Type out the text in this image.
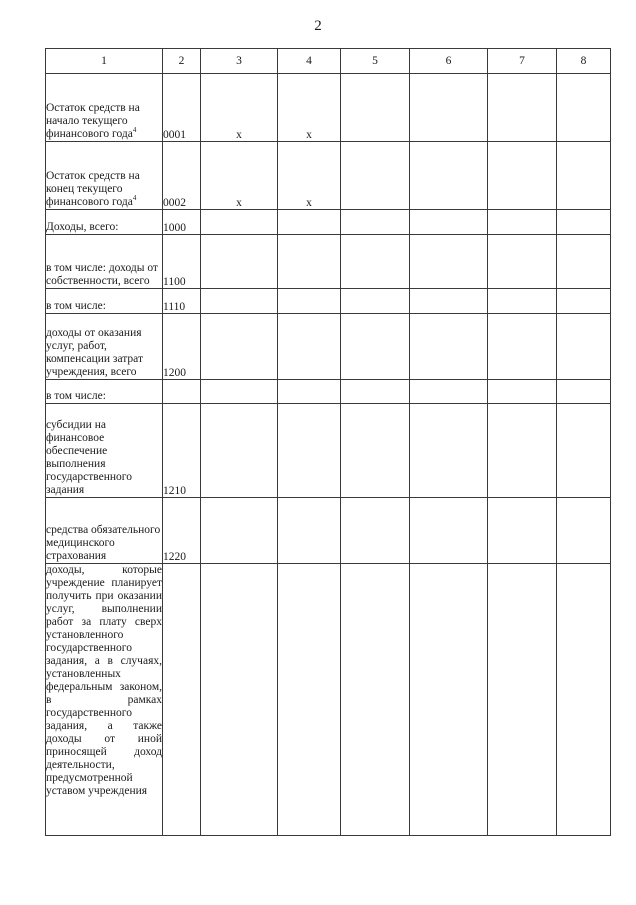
2
1	2	3	4	5	6	7	8
Остаток средств на начало текущего финансового года$^4$	0001	x	x				
Остаток средств на конец текущего финансового года$^4$	0002	x	x				
Доходы, всего:	1000						
в том числе: доходы от собственности, всего	1100						
в том числе:	1110						
доходы от оказания услуг, работ, компенсации затрат учреждения, всего	1200						
в том числе:							
субсидии на финансовое обеспечение выполнения государственного задания	1210						
средства обязательного медицинского страхования	1220						
доходы, которые учреждение планирует получить при оказании услуг, выполнении работ за плату сверх установленного государственного задания, а в случаях, установленных федеральным законом, в рамках государственного задания, а также доходы от иной приносящей доход деятельности, предусмотренной уставом учреждения							
